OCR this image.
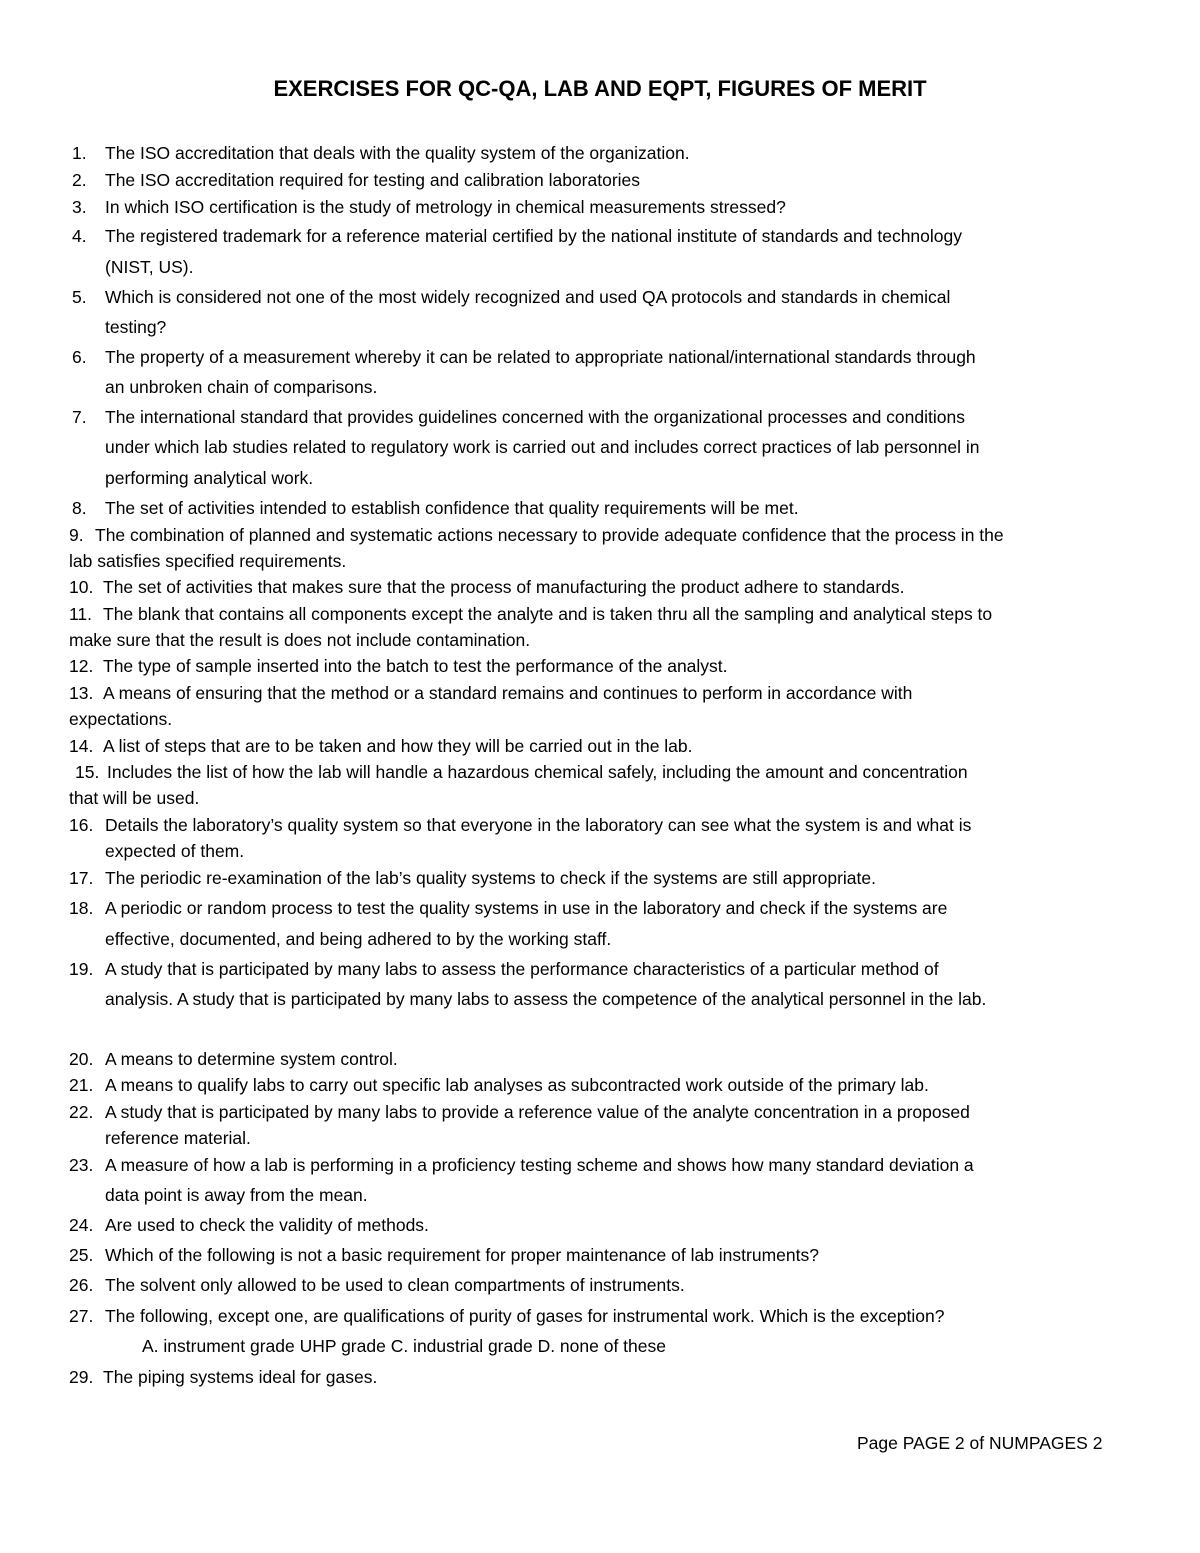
EXERCISES FOR QC-QA, LAB AND EQPT, FIGURES OF MERIT
1. The ISO accreditation that deals with the quality system of the organization.
2. The ISO accreditation required for testing and calibration laboratories
3. In which ISO certification is the study of metrology in chemical measurements stressed?
4. The registered trademark for a reference material certified by the national institute of standards and technology
(NIST, US).
5. Which is considered not one of the most widely recognized and used QA protocols and standards in chemical
testing?
6. The property of a measurement whereby it can be related to appropriate national/international standards through
an unbroken chain of comparisons.
7. The international standard that provides guidelines concerned with the organizational processes and conditions
under which lab studies related to regulatory work is carried out and includes correct practices of lab personnel in
performing analytical work.
8. The set of activities intended to establish confidence that quality requirements will be met.
9. The combination of planned and systematic actions necessary to provide adequate confidence that the process in the
lab satisfies specified requirements.
10. The set of activities that makes sure that the process of manufacturing the product adhere to standards.
11. The blank that contains all components except the analyte and is taken thru all the sampling and analytical steps to
make sure that the result is does not include contamination.
12. The type of sample inserted into the batch to test the performance of the analyst.
13. A means of ensuring that the method or a standard remains and continues to perform in accordance with
expectations.
14. A list of steps that are to be taken and how they will be carried out in the lab.
15. Includes the list of how the lab will handle a hazardous chemical safely, including the amount and concentration
that will be used.
16. Details the laboratory’s quality system so that everyone in the laboratory can see what the system is and what is
expected of them.
17. The periodic re-examination of the lab’s quality systems to check if the systems are still appropriate.
18. A periodic or random process to test the quality systems in use in the laboratory and check if the systems are
effective, documented, and being adhered to by the working staff.
19. A study that is participated by many labs to assess the performance characteristics of a particular method of
analysis. A study that is participated by many labs to assess the competence of the analytical personnel in the lab.
20. A means to determine system control.
21. A means to qualify labs to carry out specific lab analyses as subcontracted work outside of the primary lab.
22. A study that is participated by many labs to provide a reference value of the analyte concentration in a proposed
reference material.
23. A measure of how a lab is performing in a proficiency testing scheme and shows how many standard deviation a
data point is away from the mean.
24. Are used to check the validity of methods.
25. Which of the following is not a basic requirement for proper maintenance of lab instruments?
26. The solvent only allowed to be used to clean compartments of instruments.
27. The following, except one, are qualifications of purity of gases for instrumental work. Which is the exception?
A. instrument grade UHP grade C. industrial grade D. none of these
29. The piping systems ideal for gases.
Page PAGE 2 of NUMPAGES 2
